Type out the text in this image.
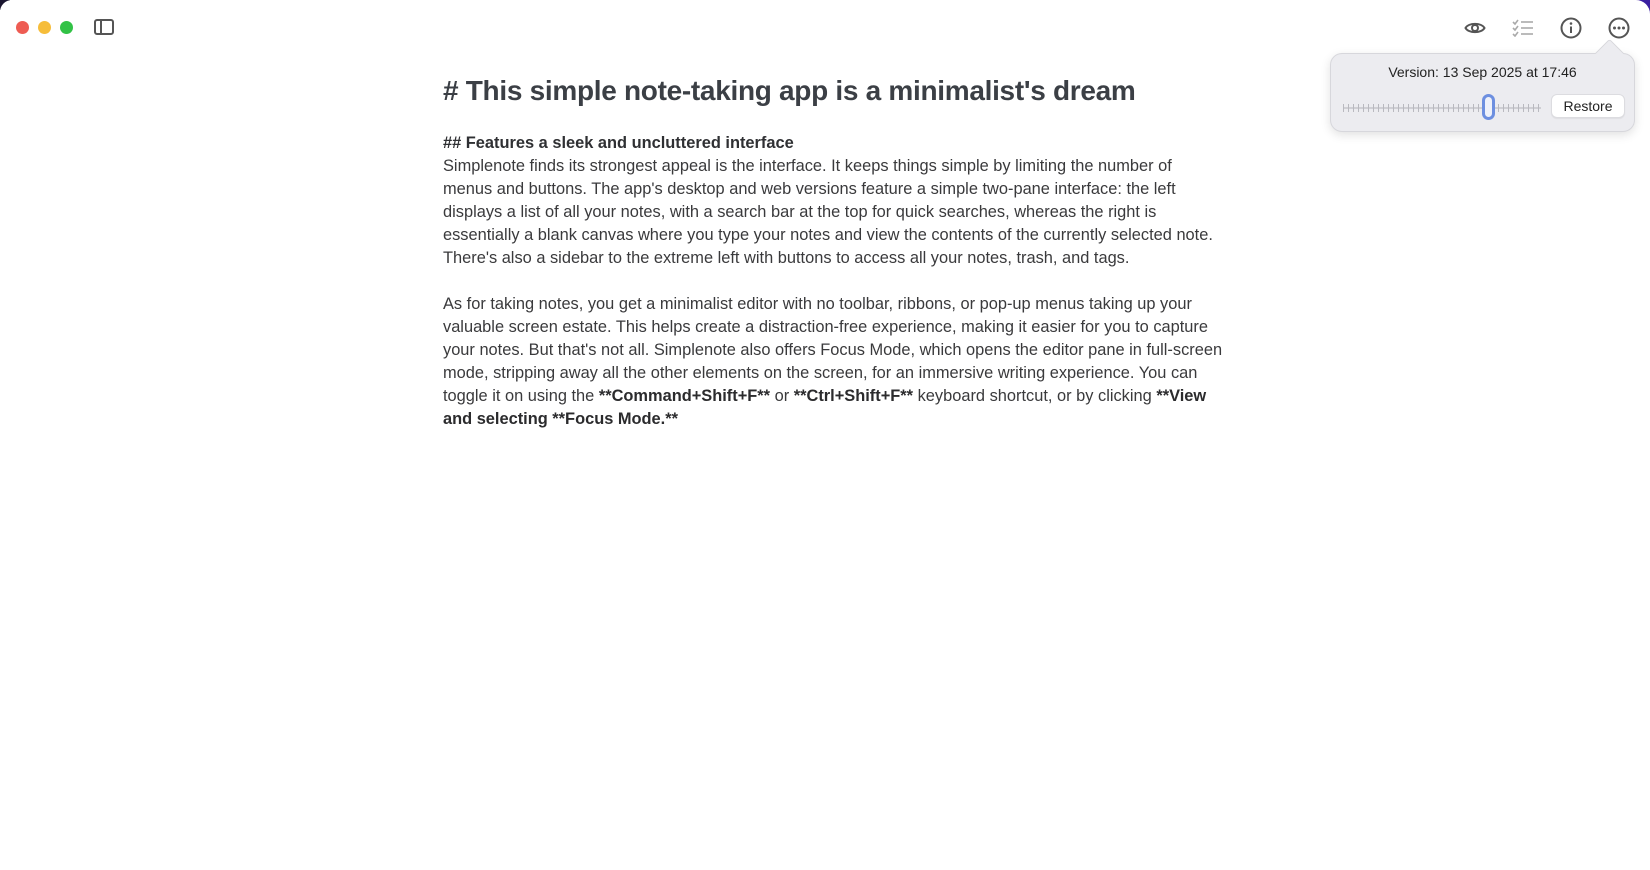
# This simple note-taking app is a minimalist's dream
## Features a sleek and uncluttered interface
Simplenote finds its strongest appeal is the interface. It keeps things simple by limiting the number of menus and buttons. The app's desktop and web versions feature a simple two-pane interface: the left displays a list of all your notes, with a search bar at the top for quick searches, whereas the right is essentially a blank canvas where you type your notes and view the contents of the currently selected note. There's also a sidebar to the extreme left with buttons to access all your notes, trash, and tags.
As for taking notes, you get a minimalist editor with no toolbar, ribbons, or pop-up menus taking up your valuable screen estate. This helps create a distraction-free experience, making it easier for you to capture your notes. But that's not all. Simplenote also offers Focus Mode, which opens the editor pane in full-screen mode, stripping away all the other elements on the screen, for an immersive writing experience. You can toggle it on using the **Command+Shift+F** or **Ctrl+Shift+F** keyboard shortcut, or by clicking **View and selecting **Focus Mode.**
Version: 13 Sep 2025 at 17:46
Restore
